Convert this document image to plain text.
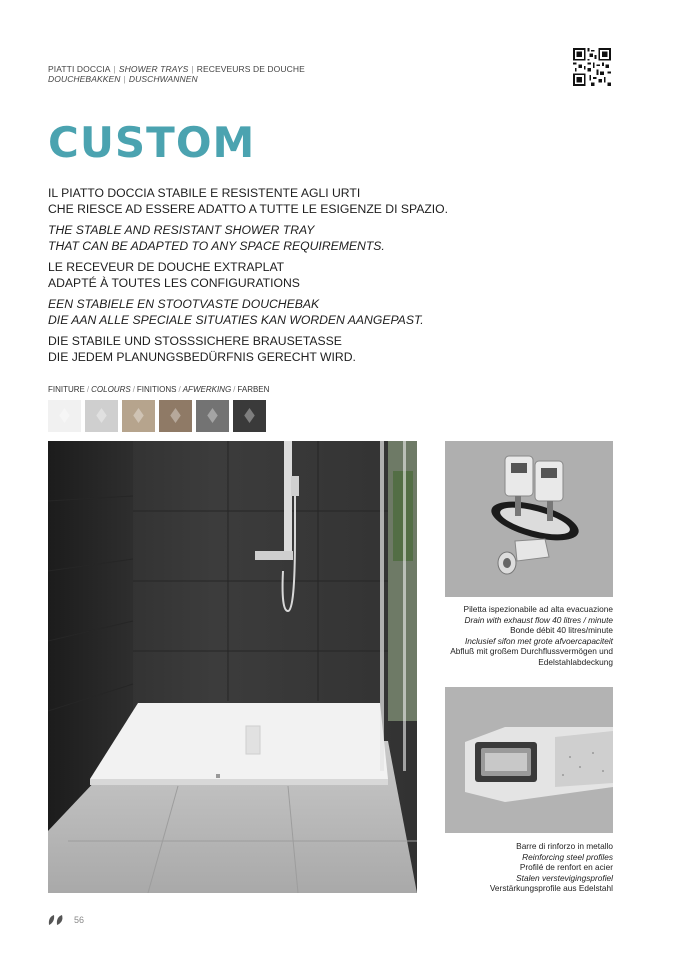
PIATTI DOCCIA | SHOWER TRAYS | RECEVEURS DE DOUCHE
DOUCHEBAKKEN | DUSCHWANNEN
CUSTOM

IL PIATTO DOCCIA STABILE E RESISTENTE AGLI URTI
CHE RIESCE AD ESSERE ADATTO A TUTTE LE ESIGENZE DI SPAZIO.

THE STABLE AND RESISTANT SHOWER TRAY
THAT CAN BE ADAPTED TO ANY SPACE REQUIREMENTS.

LE RECEVEUR DE DOUCHE EXTRAPLAT
ADAPTÉ À TOUTES LES CONFIGURATIONS

EEN STABIELE EN STOOTVASTE DOUCHEBAK
DIE AAN ALLE SPECIALE SITUATIES KAN WORDEN AANGEPAST.

DIE STABILE UND STOSSSICHERE BRAUSETASSE
DIE JEDEM PLANUNGSBEDÜRFNIS GERECHT WIRD.

FINITURE / COLOURS / FINITIONS / AFWERKING / FARBEN
Piletta ispezionabile ad alta evacuazione
Drain with exhaust flow 40 litres / minute
Bonde débit 40 litres/minute
Inclusief sifon met grote afvoercapaciteit
Abfluß mit großem Durchflussvermögen und
Edelstahlabdeckung
Barre di rinforzo in metallo
Reinforcing steel profiles
Profilé de renfort en acier
Stalen verstevigingsprofiel
Verstärkungsprofile aus Edelstahl
56
